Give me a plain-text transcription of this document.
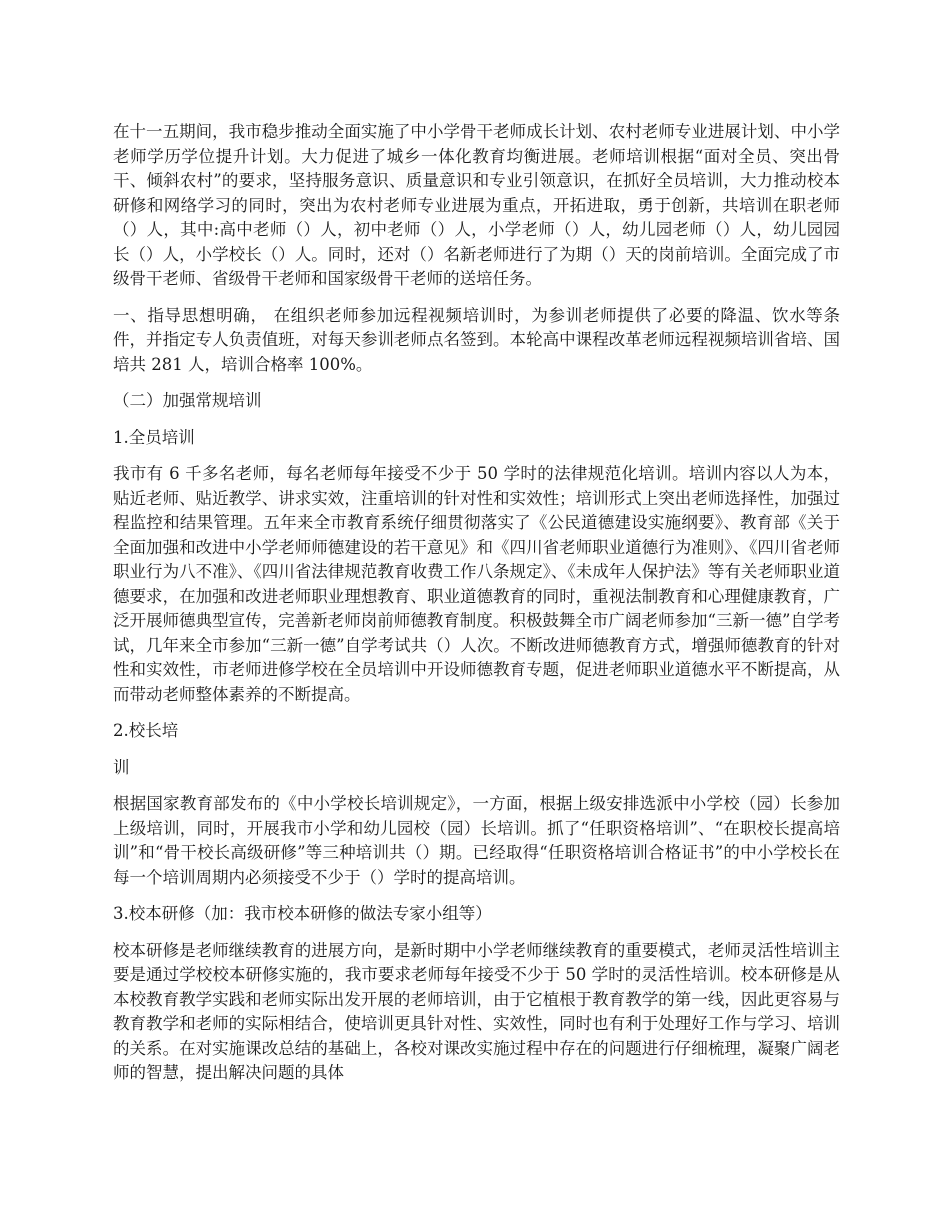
在十一五期间，我市稳步推动全面实施了中小学骨干老师成长计划、农村老师专业进展计划、中小学老师学历学位提升计划。大力促进了城乡一体化教育均衡进展。老师培训根据“面对全员、突出骨干、倾斜农村”的要求，坚持服务意识、质量意识和专业引领意识，在抓好全员培训，大力推动校本研修和网络学习的同时，突出为农村老师专业进展为重点，开拓进取，勇于创新，共培训在职老师（）人，其中:高中老师（）人，初中老师（）人，小学老师（）人，幼儿园老师（）人，幼儿园园长（）人，小学校长（）人。同时，还对（）名新老师进行了为期（）天的岗前培训。全面完成了市级骨干老师、省级骨干老师和国家级骨干老师的送培任务。

一、指导思想明确， 在组织老师参加远程视频培训时，为参训老师提供了必要的降温、饮水等条件，并指定专人负责值班，对每天参训老师点名签到。本轮高中课程改革老师远程视频培训省培、国培共 281 人，培训合格率 100%。

（二）加强常规培训

1.全员培训

我市有 6 千多名老师，每名老师每年接受不少于 50 学时的法律规范化培训。培训内容以人为本，贴近老师、贴近教学、讲求实效，注重培训的针对性和实效性；培训形式上突出老师选择性，加强过程监控和结果管理。五年来全市教育系统仔细贯彻落实了《公民道德建设实施纲要》、教育部《关于全面加强和改进中小学老师师德建设的若干意见》和《四川省老师职业道德行为准则》、《四川省老师职业行为八不准》、《四川省法律规范教育收费工作八条规定》、《未成年人保护法》等有关老师职业道德要求，在加强和改进老师职业理想教育、职业道德教育的同时，重视法制教育和心理健康教育，广泛开展师德典型宣传，完善新老师岗前师德教育制度。积极鼓舞全市广阔老师参加“三新一德”自学考试，几年来全市参加“三新一德”自学考试共（）人次。不断改进师德教育方式，增强师德教育的针对性和实效性，市老师进修学校在全员培训中开设师德教育专题，促进老师职业道德水平不断提高，从而带动老师整体素养的不断提高。

2.校长培

训

根据国家教育部发布的《中小学校长培训规定》，一方面，根据上级安排选派中小学校（园）长参加上级培训，同时，开展我市小学和幼儿园校（园）长培训。抓了“任职资格培训”、“在职校长提高培训”和“骨干校长高级研修”等三种培训共（）期。已经取得“任职资格培训合格证书”的中小学校长在每一个培训周期内必须接受不少于（）学时的提高培训。

3.校本研修（加：我市校本研修的做法专家小组等）

校本研修是老师继续教育的进展方向，是新时期中小学老师继续教育的重要模式，老师灵活性培训主要是通过学校校本研修实施的，我市要求老师每年接受不少于 50 学时的灵活性培训。校本研修是从本校教育教学实践和老师实际出发开展的老师培训，由于它植根于教育教学的第一线，因此更容易与教育教学和老师的实际相结合，使培训更具针对性、实效性，同时也有利于处理好工作与学习、培训的关系。在对实施课改总结的基础上，各校对课改实施过程中存在的问题进行仔细梳理，凝聚广阔老师的智慧，提出解决问题的具体
